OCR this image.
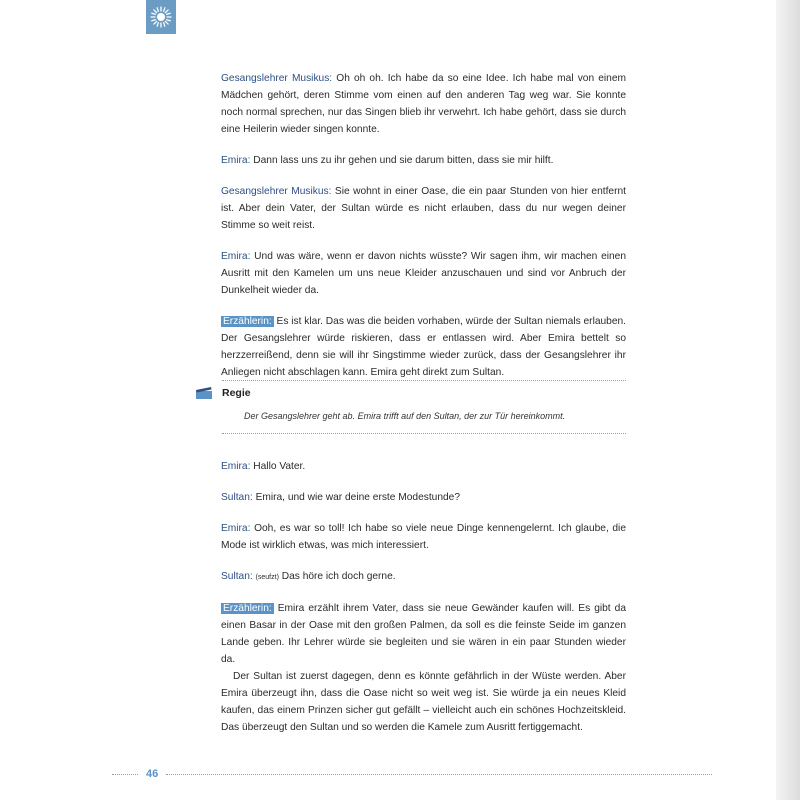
Gesangslehrer Musikus: Oh oh oh. Ich habe da so eine Idee. Ich habe mal von einem Mädchen gehört, deren Stimme vom einen auf den anderen Tag weg war. Sie konnte noch normal sprechen, nur das Singen blieb ihr verwehrt. Ich habe gehört, dass sie durch eine Heilerin wieder singen konnte.

Emira: Dann lass uns zu ihr gehen und sie darum bitten, dass sie mir hilft.

Gesangslehrer Musikus: Sie wohnt in einer Oase, die ein paar Stunden von hier entfernt ist. Aber dein Vater, der Sultan würde es nicht erlauben, dass du nur wegen deiner Stimme so weit reist.

Emira: Und was wäre, wenn er davon nichts wüsste? Wir sagen ihm, wir machen einen Ausritt mit den Kamelen um uns neue Kleider anzuschauen und sind vor Anbruch der Dunkelheit wieder da.

Erzählerin: Es ist klar. Das was die beiden vorhaben, würde der Sultan niemals erlauben. Der Gesangslehrer würde riskieren, dass er entlassen wird. Aber Emira bettelt so herzzerreißend, denn sie will ihr Singstimme wieder zurück, dass der Gesangslehrer ihr Anliegen nicht abschlagen kann. Emira geht direkt zum Sultan.

Regie
Der Gesangslehrer geht ab. Emira trifft auf den Sultan, der zur Tür hereinkommt.

Emira: Hallo Vater.

Sultan: Emira, und wie war deine erste Modestunde?

Emira: Ooh, es war so toll! Ich habe so viele neue Dinge kennengelernt. Ich glaube, die Mode ist wirklich etwas, was mich interessiert.

Sultan: (seufzt) Das höre ich doch gerne.

Erzählerin: Emira erzählt ihrem Vater, dass sie neue Gewänder kaufen will. Es gibt da einen Basar in der Oase mit den großen Palmen, da soll es die feinste Seide im ganzen Lande geben. Ihr Lehrer würde sie begleiten und sie wären in ein paar Stunden wieder da.

Der Sultan ist zuerst dagegen, denn es könnte gefährlich in der Wüste werden. Aber Emira überzeugt ihn, dass die Oase nicht so weit weg ist. Sie würde ja ein neues Kleid kaufen, das einem Prinzen sicher gut gefällt – vielleicht auch ein schönes Hochzeitskleid. Das überzeugt den Sultan und so werden die Kamele zum Ausritt fertiggemacht.

46
